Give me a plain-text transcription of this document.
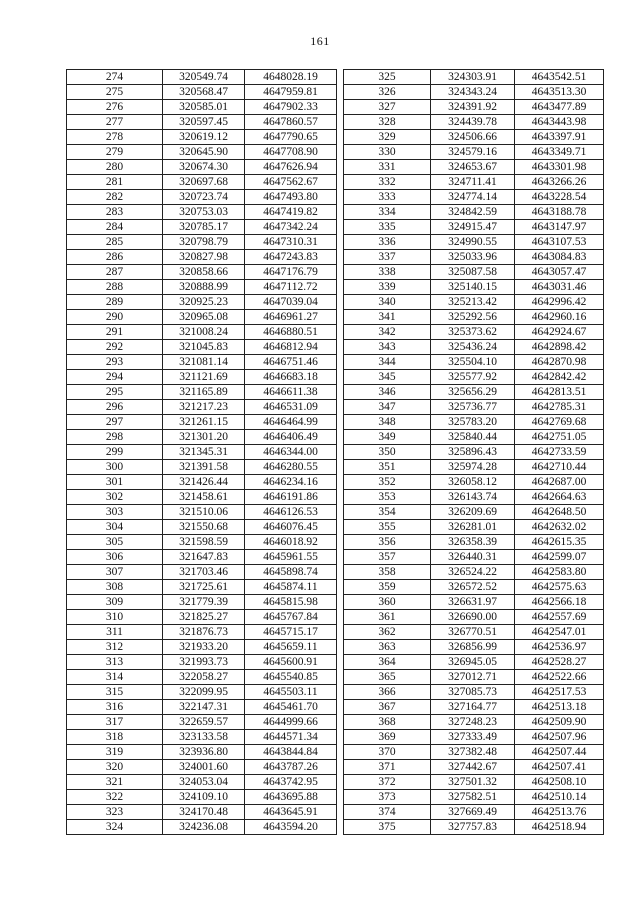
161
274	320549.74	4648028.19
275	320568.47	4647959.81
276	320585.01	4647902.33
277	320597.45	4647860.57
278	320619.12	4647790.65
279	320645.90	4647708.90
280	320674.30	4647626.94
281	320697.68	4647562.67
282	320723.74	4647493.80
283	320753.03	4647419.82
284	320785.17	4647342.24
285	320798.79	4647310.31
286	320827.98	4647243.83
287	320858.66	4647176.79
288	320888.99	4647112.72
289	320925.23	4647039.04
290	320965.08	4646961.27
291	321008.24	4646880.51
292	321045.83	4646812.94
293	321081.14	4646751.46
294	321121.69	4646683.18
295	321165.89	4646611.38
296	321217.23	4646531.09
297	321261.15	4646464.99
298	321301.20	4646406.49
299	321345.31	4646344.00
300	321391.58	4646280.55
301	321426.44	4646234.16
302	321458.61	4646191.86
303	321510.06	4646126.53
304	321550.68	4646076.45
305	321598.59	4646018.92
306	321647.83	4645961.55
307	321703.46	4645898.74
308	321725.61	4645874.11
309	321779.39	4645815.98
310	321825.27	4645767.84
311	321876.73	4645715.17
312	321933.20	4645659.11
313	321993.73	4645600.91
314	322058.27	4645540.85
315	322099.95	4645503.11
316	322147.31	4645461.70
317	322659.57	4644999.66
318	323133.58	4644571.34
319	323936.80	4643844.84
320	324001.60	4643787.26
321	324053.04	4643742.95
322	324109.10	4643695.88
323	324170.48	4643645.91
324	324236.08	4643594.20
325	324303.91	4643542.51
326	324343.24	4643513.30
327	324391.92	4643477.89
328	324439.78	4643443.98
329	324506.66	4643397.91
330	324579.16	4643349.71
331	324653.67	4643301.98
332	324711.41	4643266.26
333	324774.14	4643228.54
334	324842.59	4643188.78
335	324915.47	4643147.97
336	324990.55	4643107.53
337	325033.96	4643084.83
338	325087.58	4643057.47
339	325140.15	4643031.46
340	325213.42	4642996.42
341	325292.56	4642960.16
342	325373.62	4642924.67
343	325436.24	4642898.42
344	325504.10	4642870.98
345	325577.92	4642842.42
346	325656.29	4642813.51
347	325736.77	4642785.31
348	325783.20	4642769.68
349	325840.44	4642751.05
350	325896.43	4642733.59
351	325974.28	4642710.44
352	326058.12	4642687.00
353	326143.74	4642664.63
354	326209.69	4642648.50
355	326281.01	4642632.02
356	326358.39	4642615.35
357	326440.31	4642599.07
358	326524.22	4642583.80
359	326572.52	4642575.63
360	326631.97	4642566.18
361	326690.00	4642557.69
362	326770.51	4642547.01
363	326856.99	4642536.97
364	326945.05	4642528.27
365	327012.71	4642522.66
366	327085.73	4642517.53
367	327164.77	4642513.18
368	327248.23	4642509.90
369	327333.49	4642507.96
370	327382.48	4642507.44
371	327442.67	4642507.41
372	327501.32	4642508.10
373	327582.51	4642510.14
374	327669.49	4642513.76
375	327757.83	4642518.94
